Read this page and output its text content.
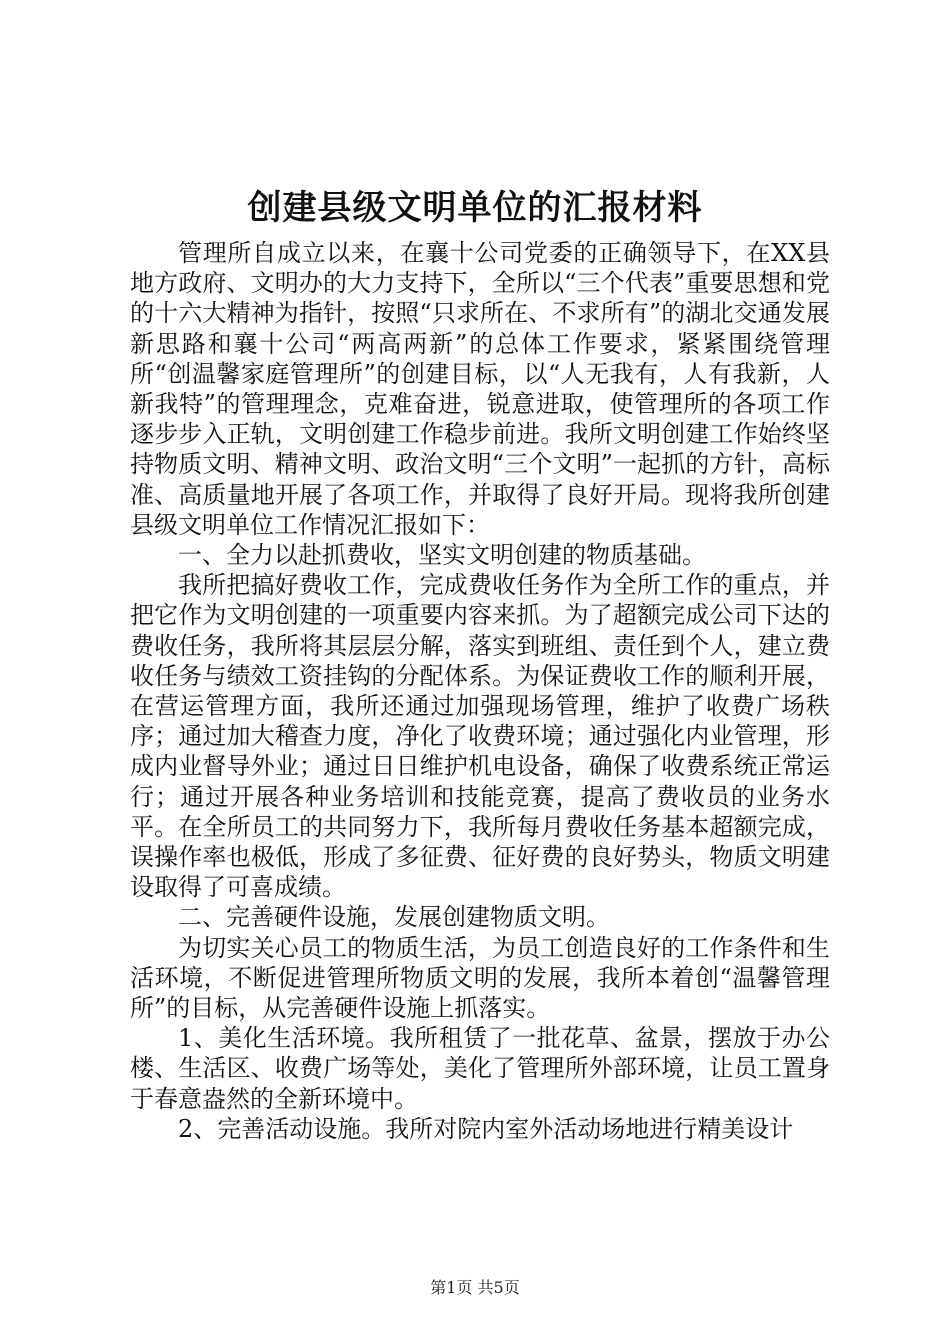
创建县级文明单位的汇报材料

管理所自成立以来，在襄十公司党委的正确领导下，在XX县地方政府、文明办的大力支持下，全所以“三个代表”重要思想和党的十六大精神为指针，按照“只求所在、不求所有”的湖北交通发展新思路和襄十公司“两高两新”的总体工作要求，紧紧围绕管理所“创温馨家庭管理所”的创建目标，以“人无我有，人有我新，人新我特”的管理理念，克难奋进，锐意进取，使管理所的各项工作逐步步入正轨，文明创建工作稳步前进。我所文明创建工作始终坚持物质文明、精神文明、政治文明“三个文明”一起抓的方针，高标准、高质量地开展了各项工作，并取得了良好开局。现将我所创建县级文明单位工作情况汇报如下：

一、全力以赴抓费收，坚实文明创建的物质基础。

我所把搞好费收工作，完成费收任务作为全所工作的重点，并把它作为文明创建的一项重要内容来抓。为了超额完成公司下达的费收任务，我所将其层层分解，落实到班组、责任到个人，建立费收任务与绩效工资挂钩的分配体系。为保证费收工作的顺利开展，在营运管理方面，我所还通过加强现场管理，维护了收费广场秩序；通过加大稽查力度，净化了收费环境；通过强化内业管理，形成内业督导外业；通过日日维护机电设备，确保了收费系统正常运行；通过开展各种业务培训和技能竞赛，提高了费收员的业务水平。在全所员工的共同努力下，我所每月费收任务基本超额完成，误操作率也极低，形成了多征费、征好费的良好势头，物质文明建设取得了可喜成绩。

二、完善硬件设施，发展创建物质文明。

为切实关心员工的物质生活，为员工创造良好的工作条件和生活环境，不断促进管理所物质文明的发展，我所本着创“温馨管理所”的目标，从完善硬件设施上抓落实。

1、美化生活环境。我所租赁了一批花草、盆景，摆放于办公楼、生活区、收费广场等处，美化了管理所外部环境，让员工置身于春意盎然的全新环境中。

2、完善活动设施。我所对院内室外活动场地进行精美设计

第1页 共5页
